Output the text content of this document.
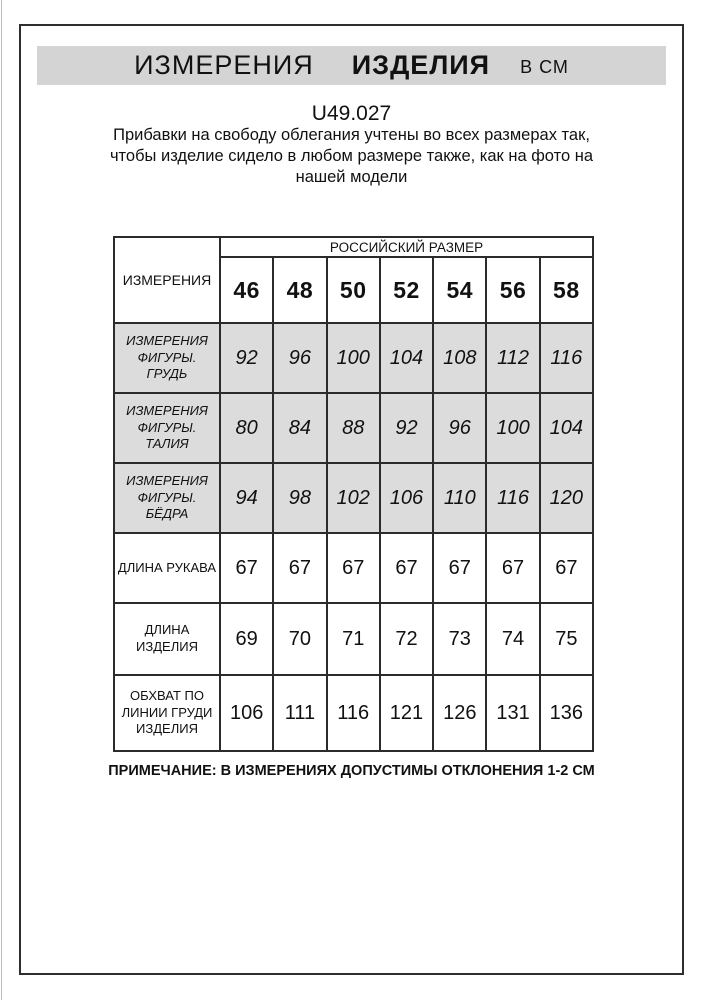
ИЗМЕРЕНИЯ ИЗДЕЛИЯ В СМ
U49.027
Прибавки на свободу облегания учтены во всех размерах так,
чтобы изделие сидело в любом размере также, как на фото на
нашей модели
ИЗМЕРЕНИЯ	РОССИЙСКИЙ РАЗМЕР						
	46	48	50	52	54	56	58
ИЗМЕРЕНИЯ ФИГУРЫ. ГРУДЬ	92	96	100	104	108	112	116
ИЗМЕРЕНИЯ ФИГУРЫ. ТАЛИЯ	80	84	88	92	96	100	104
ИЗМЕРЕНИЯ ФИГУРЫ. БЁДРА	94	98	102	106	110	116	120
ДЛИНА РУКАВА	67	67	67	67	67	67	67
ДЛИНА ИЗДЕЛИЯ	69	70	71	72	73	74	75
ОБХВАТ ПО ЛИНИИ ГРУДИ ИЗДЕЛИЯ	106	111	116	121	126	131	136
ПРИМЕЧАНИЕ: В ИЗМЕРЕНИЯХ ДОПУСТИМЫ ОТКЛОНЕНИЯ 1-2 СМ
